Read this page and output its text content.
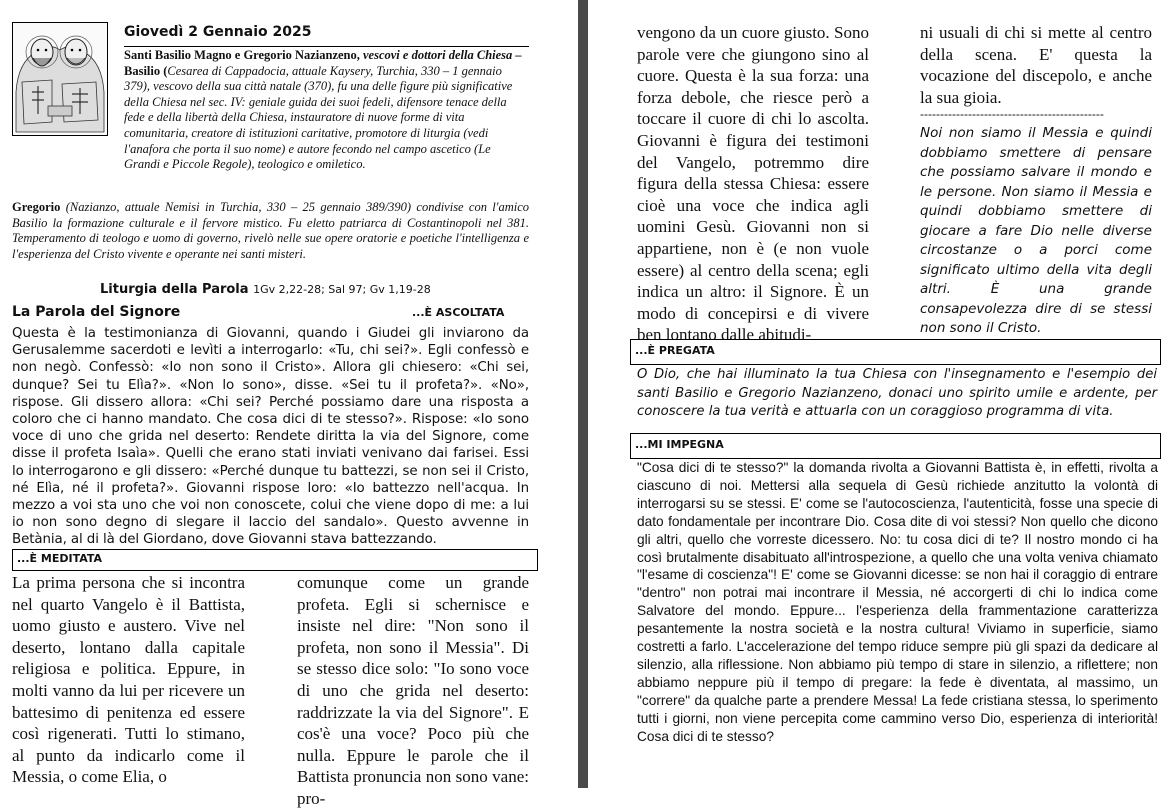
Giovedì 2 Gennaio 2025
Santi Basilio Magno e Gregorio Nazianzeno, vescovi e dottori della Chiesa –
Basilio (Cesarea di Cappadocia, attuale Kaysery, Turchia, 330 – 1 gennaio 379), vescovo della sua città natale (370), fu una delle figure più significative della Chiesa nel sec. IV: geniale guida dei suoi fedeli, difensore tenace della fede e della libertà della Chiesa, instauratore di nuove forme di vita comunitaria, creatore di istituzioni caritative, promotore di liturgia (vedi l'anafora che porta il suo nome) e autore fecondo nel campo ascetico (Le Grandi e Piccole Regole), teologico e omiletico.
Gregorio (Nazianzo, attuale Nemisi in Turchia, 330 – 25 gennaio 389/390) condivise con l'amico Basilio la formazione culturale e il fervore mistico. Fu eletto patriarca di Costantinopoli nel 381. Temperamento di teologo e uomo di governo, rivelò nelle sue opere oratorie e poetiche l'intelligenza e l'esperienza del Cristo vivente e operante nei santi misteri.
Liturgia della Parola 1Gv 2,22-28; Sal 97; Gv 1,19-28
La Parola del Signore	...È ASCOLTATA
Questa è la testimonianza di Giovanni, quando i Giudei gli inviarono da Gerusalemme sacerdoti e levìti a interrogarlo: «Tu, chi sei?». Egli confessò e non negò. Confessò: «Io non sono il Cristo». Allora gli chiesero: «Chi sei, dunque? Sei tu Elìa?». «Non lo sono», disse. «Sei tu il profeta?». «No», rispose. Gli dissero allora: «Chi sei? Perché possiamo dare una risposta a coloro che ci hanno mandato. Che cosa dici di te stesso?». Rispose: «Io sono voce di uno che grida nel deserto: Rendete diritta la via del Signore, come disse il profeta Isaìa». Quelli che erano stati inviati venivano dai farisei. Essi lo interrogarono e gli dissero: «Perché dunque tu battezzi, se non sei il Cristo, né Elìa, né il profeta?». Giovanni rispose loro: «Io battezzo nell'acqua. In mezzo a voi sta uno che voi non conoscete, colui che viene dopo di me: a lui io non sono degno di slegare il laccio del sandalo». Questo avvenne in Betània, al di là del Giordano, dove Giovanni stava battezzando.
...È MEDITATA
La prima persona che si incontra nel quarto Vangelo è il Battista, uomo giusto e austero. Vive nel deserto, lontano dalla capitale religiosa e politica. Eppure, in molti vanno da lui per ricevere un battesimo di penitenza ed essere così rigenerati. Tutti lo stimano, al punto da indicarlo come il Messia, o come Elia, o
comunque come un grande profeta. Egli si schernisce e insiste nel dire: "Non sono il profeta, non sono il Messia". Di se stesso dice solo: "Io sono voce di uno che grida nel deserto: raddrizzate la via del Signore". E cos'è una voce? Poco più che nulla. Eppure le parole che il Battista pronuncia non sono vane: pro-
vengono da un cuore giusto. Sono parole vere che giungono sino al cuore. Questa è la sua forza: una forza debole, che riesce però a toccare il cuore di chi lo ascolta. Giovanni è figura dei testimoni del Vangelo, potremmo dire figura della stessa Chiesa: essere cioè una voce che indica agli uomini Gesù. Giovanni non si appartiene, non è (e non vuole essere) al centro della scena; egli indica un altro: il Signore. È un modo di concepirsi e di vivere ben lontano dalle abitudi-
ni usuali di chi si mette al centro della scena. E' questa la vocazione del discepolo, e anche la sua gioia.
----------------------------------------------
Noi non siamo il Messia e quindi dobbiamo smettere di pensare che possiamo salvare il mondo e le persone. Non siamo il Messia e quindi dobbiamo smettere di giocare a fare Dio nelle diverse circostanze o a porci come significato ultimo della vita degli altri. È una grande consapevolezza dire di se stessi non sono il Cristo.
...È PREGATA
O Dio, che hai illuminato la tua Chiesa con l'insegnamento e l'esempio dei santi Basilio e Gregorio Nazianzeno, donaci uno spirito umile e ardente, per conoscere la tua verità e attuarla con un coraggioso programma di vita.
...MI IMPEGNA
"Cosa dici di te stesso?" la domanda rivolta a Giovanni Battista è, in effetti, rivolta a ciascuno di noi. Mettersi alla sequela di Gesù richiede anzitutto la volontà di interrogarsi su se stessi. E' come se l'autocoscienza, l'autenticità, fosse una specie di dato fondamentale per incontrare Dio. Cosa dite di voi stessi? Non quello che dicono gli altri, quello che vorreste dicessero. No: tu cosa dici di te? Il nostro mondo ci ha così brutalmente disabituato all'introspezione, a quello che una volta veniva chiamato "l'esame di coscienza"! E' come se Giovanni dicesse: se non hai il coraggio di entrare "dentro" non potrai mai incontrare il Messia, né accorgerti di chi lo indica come Salvatore del mondo. Eppure... l'esperienza della frammentazione caratterizza pesantemente la nostra società e la nostra cultura! Viviamo in superficie, siamo costretti a farlo. L'accelerazione del tempo riduce sempre più gli spazi da dedicare al silenzio, alla riflessione. Non abbiamo più tempo di stare in silenzio, a riflettere; non abbiamo neppure più il tempo di pregare: la fede è diventata, al massimo, un "correre" da qualche parte a prendere Messa! La fede cristiana stessa, lo sperimento tutti i giorni, non viene percepita come cammino verso Dio, esperienza di interiorità! Cosa dici di te stesso?
